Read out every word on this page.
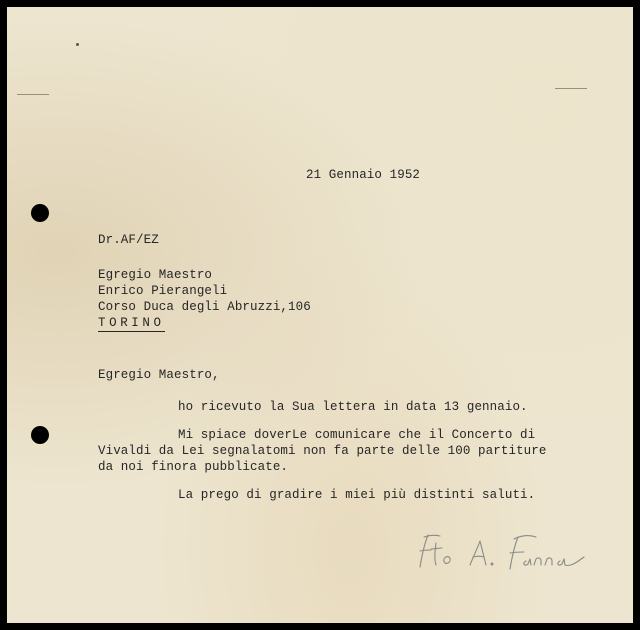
21 Gennaio 1952
Dr.AF/EZ
Egregio Maestro
Enrico Pierangeli
Corso Duca degli Abruzzi,106
TORINO
Egregio Maestro,
ho ricevuto la Sua lettera in data 13 gennaio.
Mi spiace doverLe comunicare che il Concerto di
Vivaldi da Lei segnalatomi non fa parte delle 100 partiture
da noi finora pubblicate.
La prego di gradire i miei più distinti saluti.
